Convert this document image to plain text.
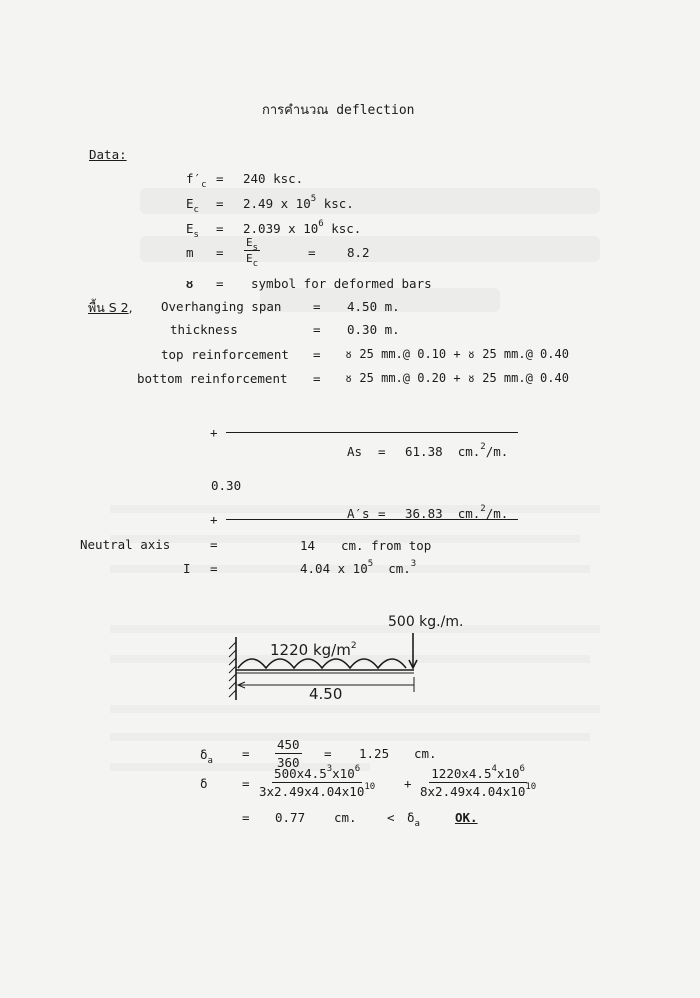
การคำนวณ deflection
Data:
$f'_c = 240$ ksc.
$E_c = 2.49$ x $10^5$ ksc.
$E_s = 2.039$ x $10^6$ ksc.
$m = \frac{E_s}{E_c}$	=	8.2
ᴕ = symbol for deformed bars
พื้น S 2, Overhanging span	= 4.50 m.
thickness	= 0.30 m.
top reinforcement = ᴕ 25 mm.@ 0.10 + ᴕ 25 mm.@ 0.40
bottom reinforcement = ᴕ 25 mm.@ 0.20 + ᴕ 25 mm.@ 0.40
+
As = 61.38 cm.$^2$/m.
0.30
A′s = 36.83 cm.$^2$/m.
+
Neutral axis	=	14 cm. from top
I =	4.04 x $10^5$ cm.$^3$
500 kg./m.
1220 $kg/m^2$
4.50
$\delta_a = \frac{450}{360} = 1.25$ cm.
δ	= $\frac{500x4.5^3x10^6}{3x2.49x4.04x10^{10}} + \frac{1220x4.5^4x10^6}{8x2.49x4.04x10^{10}}$
= 0.77 cm. < $\delta_a$	OK.
